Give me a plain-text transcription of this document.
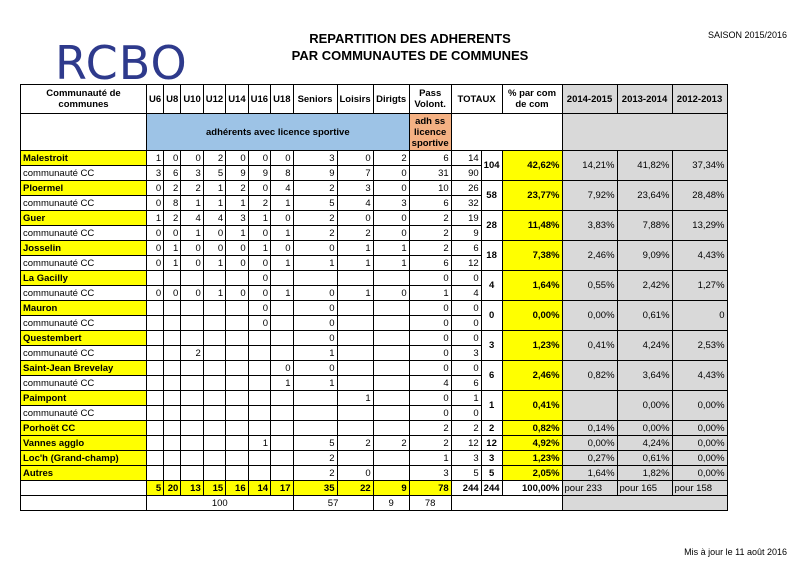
RCBO	REPARTITION DES ADHERENTS
PAR COMMUNAUTES DE COMMUNES
SAISON 2015/2016
Communauté de communes	U6	U8	U10	U12	U14	U16	U18	Seniors	Loisirs	Dirigts	Pass Volont.	TOTAUX		% par com de com	2014-2015	2013-2014	2012-2013
	adhérents avec licence sportive										adh ss licence sportive						
Malestroit	1	0	0	2	0	0	0	3	0	2	6	14	104	42,62%	14,21%	41,82%	37,34%
communauté CC	3	6	3	5	9	9	8	9	7	0	31	90					
Ploermel	0	2	2	1	2	0	4	2	3	0	10	26	58	23,77%	7,92%	23,64%	28,48%
communauté CC	0	8	1	1	1	2	1	5	4	3	6	32					
Guer	1	2	4	4	3	1	0	2	0	0	2	19	28	11,48%	3,83%	7,88%	13,29%
communauté CC	0	0	1	0	1	0	1	2	2	0	2	9					
Josselin	0	1	0	0	0	1	0	0	1	1	2	6	18	7,38%	2,46%	9,09%	4,43%
communauté CC	0	1	0	1	0	0	1	1	1	1	6	12					
La Gacilly						0					0	0	4	1,64%	0,55%	2,42%	1,27%
communauté CC	0	0	0	1	0	0	1	0	1	0	1	4					
Mauron						0		0			0	0	0	0,00%	0,00%	0,61%	0
communauté CC						0		0			0	0					
Questembert								0			0	0	3	1,23%	0,41%	4,24%	2,53%
communauté CC			2					1			0	3					
Saint-Jean Brevelay							0	0			0	0	6	2,46%	0,82%	3,64%	4,43%
communauté CC							1	1			4	6					
Paimpont									1		0	1	1	0,41%		0,00%	0,00%
communauté CC											0	0					
Porhoët CC											2	2	2	0,82%	0,14%	0,00%	0,00%
Vannes agglo						1		5	2	2	2	12	12	4,92%	0,00%	4,24%	0,00%
Loc'h (Grand-champ)								2			1	3	3	1,23%	0,27%	0,61%	0,00%
Autres								2	0		3	5	5	2,05%	1,64%	1,82%	0,00%
	5	20	13	15	16	14	17	35	22	9	78	244	244	100,00%	pour 233	pour 165	pour 158
	100							57		9	78						
Mis à jour le 11 août 2016
